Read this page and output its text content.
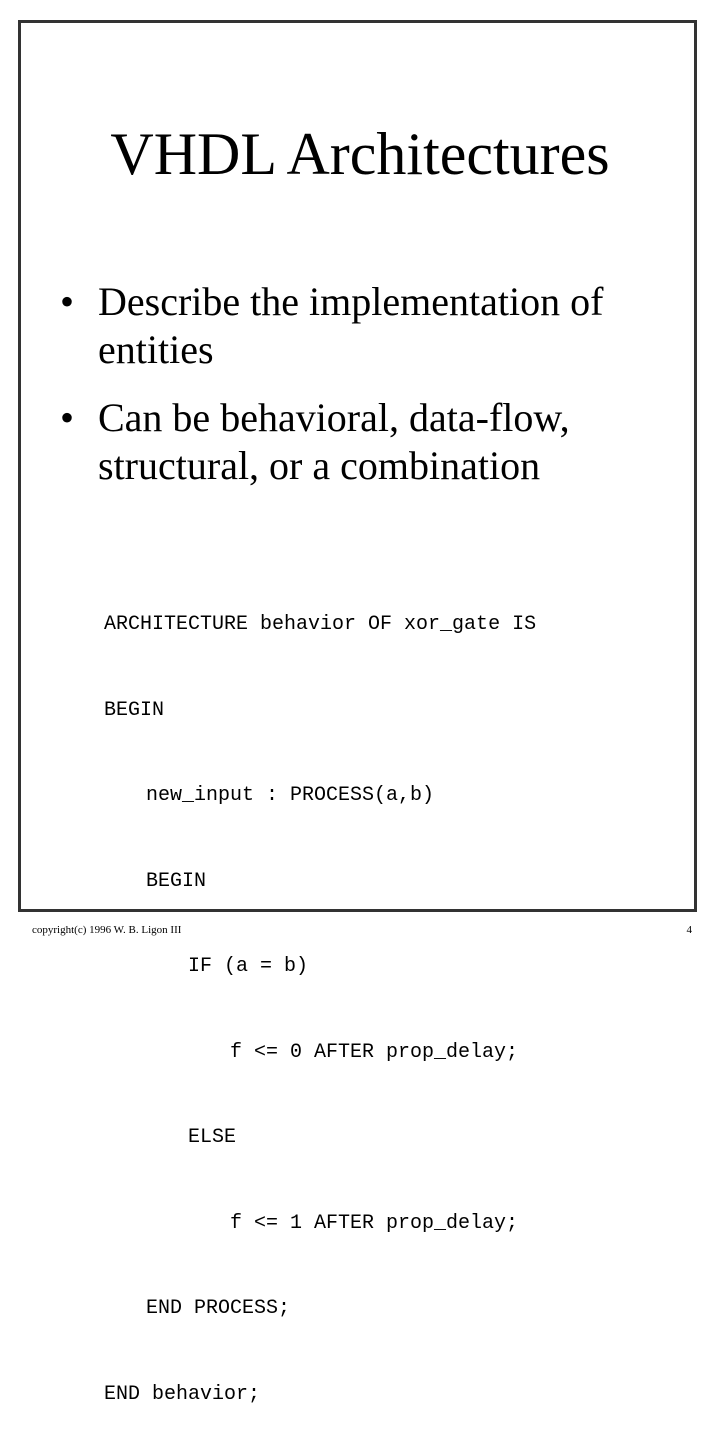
VHDL Architectures
• Describe the implementation of entities
• Can be behavioral, data-flow, structural, or a combination

ARCHITECTURE behavior OF xor_gate IS

BEGIN

new_input : PROCESS(a,b)

BEGIN

IF (a = b)

f <= 0 AFTER prop_delay;

ELSE

f <= 1 AFTER prop_delay;

END PROCESS;

END behavior;

copyright(c) 1996 W. B. Ligon III	4
